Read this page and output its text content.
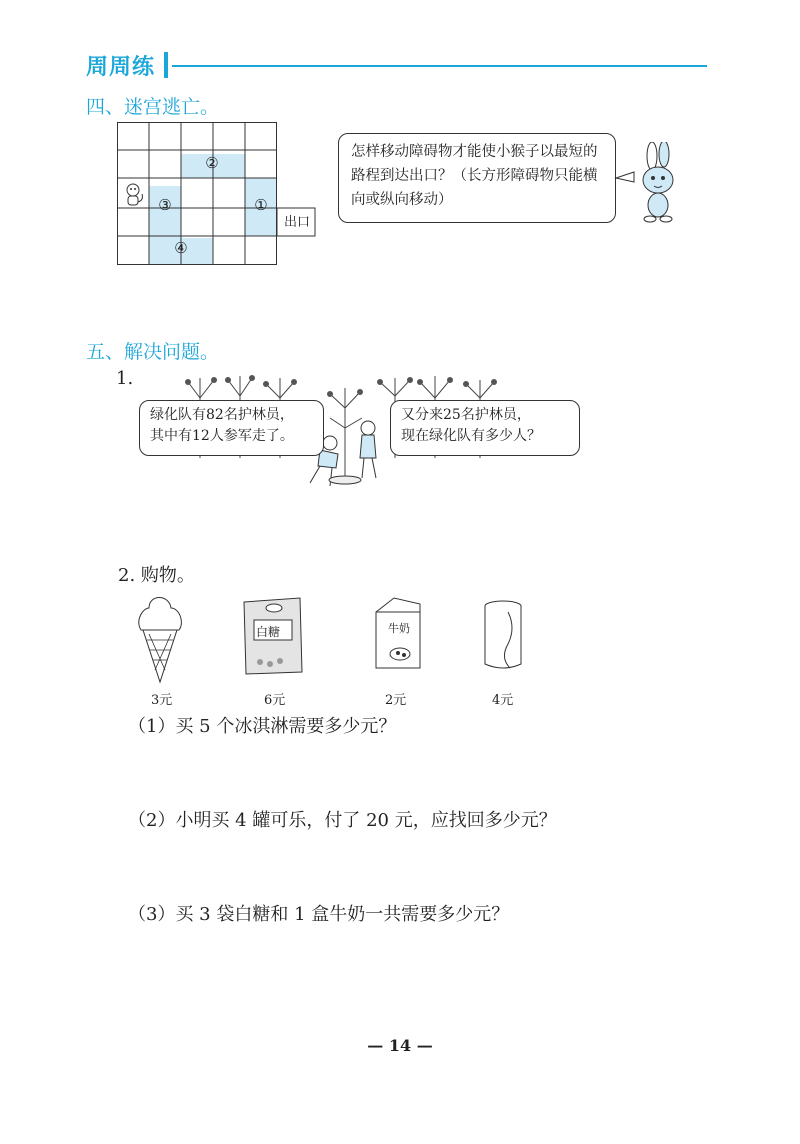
周周练
四、迷宫逃亡。
②
③	①
④
出口
怎样移动障碍物才能使小猴子以最短的路程到达出口？（长方形障碍物只能横向或纵向移动）
五、解决问题。
1.
绿化队有82名护林员，
其中有12人参军走了。
又分来25名护林员，
现在绿化队有多少人？
2. 购物。
白糖	牛奶
3元	6元	2元	4元
（1）买 5 个冰淇淋需要多少元？
（2）小明买 4 罐可乐，付了 20 元，应找回多少元？
（3）买 3 袋白糖和 1 盒牛奶一共需要多少元？
— 14 —
